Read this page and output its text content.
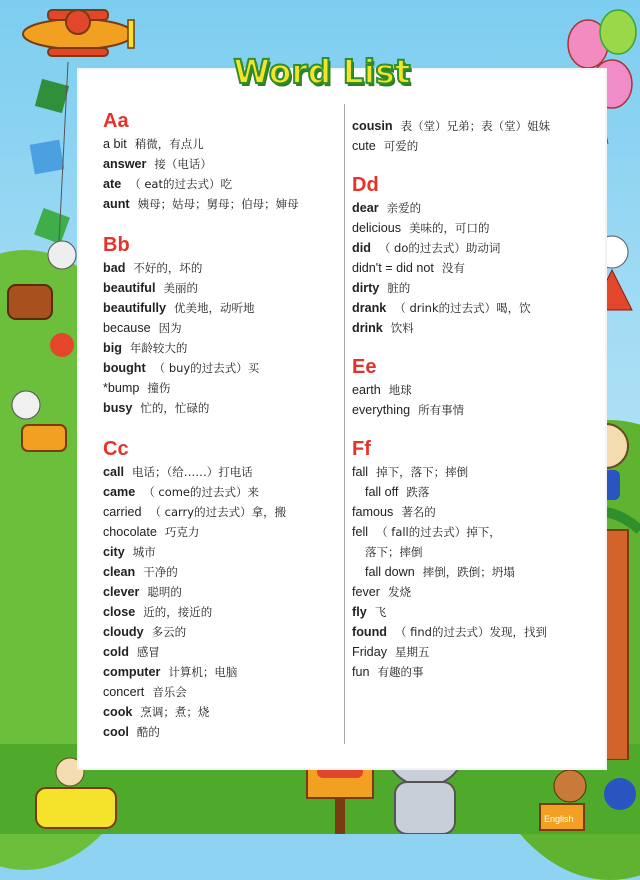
English
Word List
Aa
a bit 稍微，有点儿
answer 接（电话）
ate （ eat的过去式）吃
aunt 姨母；姑母；舅母；伯母；婶母
Bb
bad 不好的，坏的
beautiful 美丽的
beautifully 优美地，动听地
because 因为
big 年龄较大的
bought （ buy的过去式）买
*bump 撞伤
busy 忙的，忙碌的
Cc
call 电话；（给……）打电话
came （ come的过去式）来
carried （ carry的过去式）拿，搬
chocolate 巧克力
city 城市
clean 干净的
clever 聪明的
close 近的，接近的
cloudy 多云的
cold 感冒
computer 计算机；电脑
concert 音乐会
cook 烹调；煮；烧
cool 酷的
cousin 表（堂）兄弟；表（堂）姐妹
cute 可爱的
Dd
dear 亲爱的
delicious 美味的，可口的
did （ do的过去式）助动词
didn't = did not 没有
dirty 脏的
drank （ drink的过去式）喝，饮
drink 饮料
Ee
earth 地球
everything 所有事情
Ff
fall 掉下，落下；摔倒
fall off 跌落
famous 著名的
fell （ fall的过去式）掉下，
落下；摔倒
fall down 摔倒，跌倒；坍塌
fever 发烧
fly 飞
found （ find的过去式）发现，找到
Friday 星期五
fun 有趣的事
